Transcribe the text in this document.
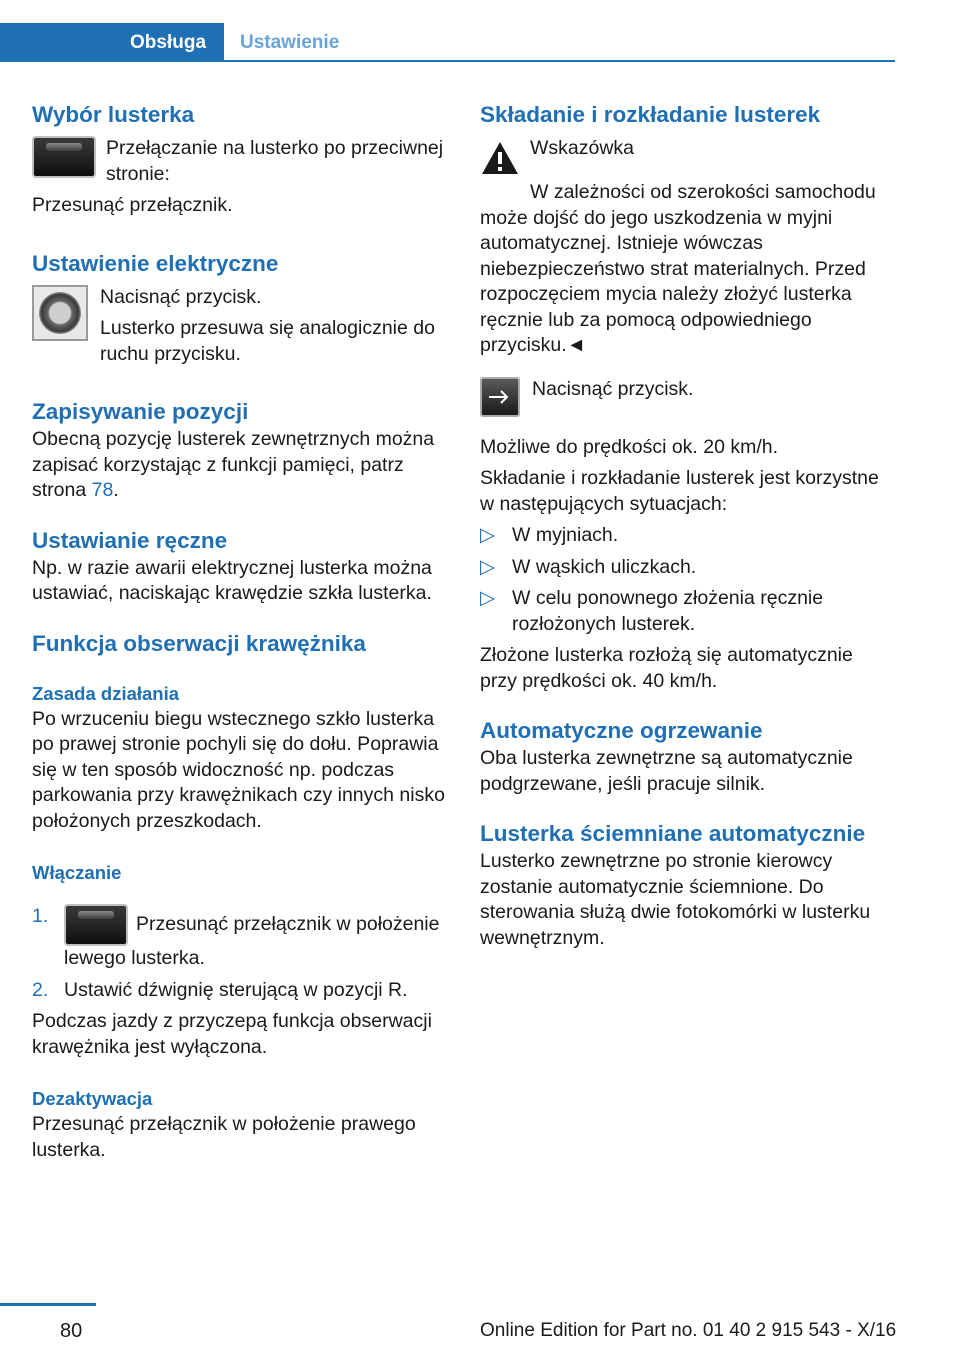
Obsługa	Ustawienie
Wybór lusterka

Przełączanie na lusterko po przeciwnej stronie:

Przesunąć przełącznik.

Ustawienie elektryczne

Nacisnąć przycisk.

Lusterko przesuwa się analogicznie do ruchu przycisku.

Zapisywanie pozycji

Obecną pozycję lusterek zewnętrznych można zapisać korzystając z funkcji pamięci, patrz strona 78.

Ustawianie ręczne

Np. w razie awarii elektrycznej lusterka można ustawiać, naciskając krawędzie szkła lusterka.

Funkcja obserwacji krawężnika
Zasada działania

Po wrzuceniu biegu wstecznego szkło lusterka po prawej stronie pochyli się do dołu. Poprawia się w ten sposób widoczność np. podczas parkowania przy krawężnikach czy innych nisko położonych przeszkodach.

Włączanie
1.	Przesunąć przełącznik w położenie lewego lusterka.
2. Ustawić dźwignię sterującą w pozycji R.

Podczas jazdy z przyczepą funkcja obserwacji krawężnika jest wyłączona.

Dezaktywacja

Przesunąć przełącznik w położenie prawego lusterka.

Składanie i rozkładanie lusterek

Wskazówka

W zależności od szerokości samochodu może dojść do jego uszkodzenia w myjni automatycznej. Istnieje wówczas niebezpieczeństwo strat materialnych. Przed rozpoczęciem mycia należy złożyć lusterka ręcznie lub za pomocą odpowiedniego przycisku.◄

Nacisnąć przycisk.

Możliwe do prędkości ok. 20 km/h.

Składanie i rozkładanie lusterek jest korzystne w następujących sytuacjach:

▷ W myjniach.
▷ W wąskich uliczkach.
▷ W celu ponownego złożenia ręcznie rozłożonych lusterek.

Złożone lusterka rozłożą się automatycznie przy prędkości ok. 40 km/h.

Automatyczne ogrzewanie

Oba lusterka zewnętrzne są automatycznie podgrzewane, jeśli pracuje silnik.

Lusterka ściemniane automatycznie

Lusterko zewnętrzne po stronie kierowcy zostanie automatycznie ściemnione. Do sterowania służą dwie fotokomórki w lusterku wewnętrznym.

80	Online Edition for Part no. 01 40 2 915 543 - X/16
